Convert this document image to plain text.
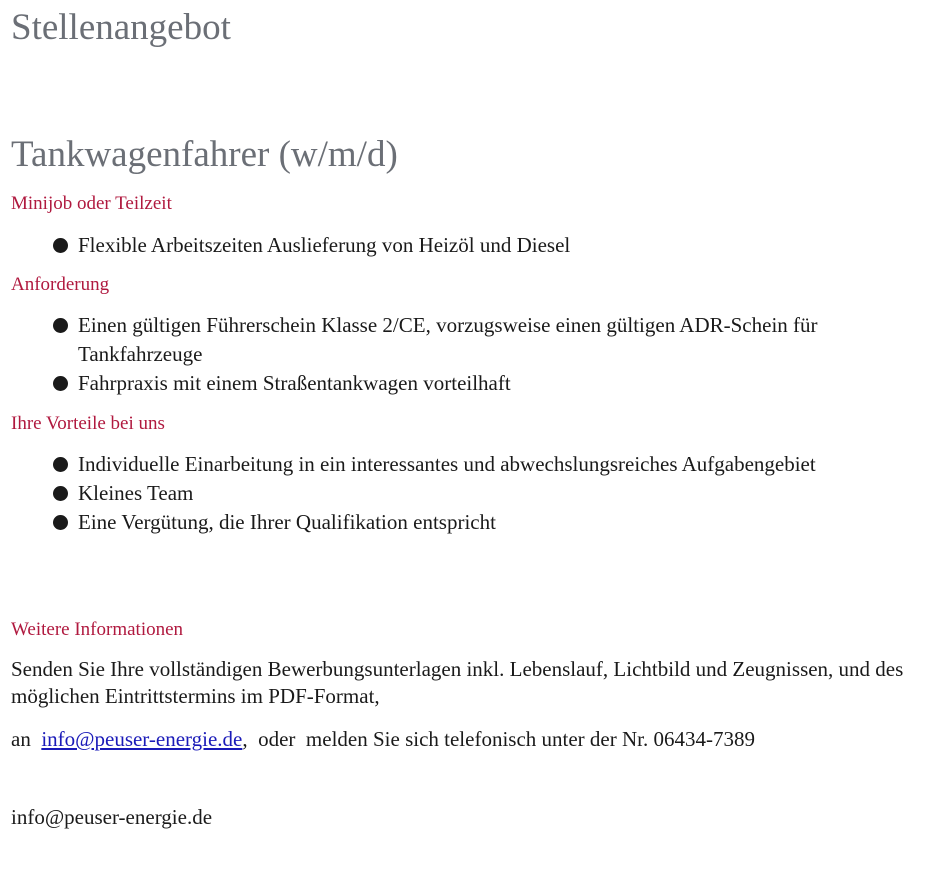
Stellenangebot
Tankwagenfahrer (w/m/d)
Minijob oder Teilzeit
Flexible Arbeitszeiten Auslieferung von Heizöl und Diesel
Anforderung
Einen gültigen Führerschein Klasse 2/CE, vorzugsweise einen gültigen ADR-Schein für Tankfahrzeuge
Fahrpraxis mit einem Straßentankwagen vorteilhaft
Ihre Vorteile bei uns
Individuelle Einarbeitung in ein interessantes und abwechslungsreiches Aufgabengebiet
Kleines Team
Eine Vergütung, die Ihrer Qualifikation entspricht
Weitere Informationen

Senden Sie Ihre vollständigen Bewerbungsunterlagen inkl. Lebenslauf, Lichtbild und Zeugnissen, und des möglichen Eintrittstermins im PDF-Format,

an info@peuser-energie.de,  oder  melden Sie sich telefonisch unter der Nr. 06434-7389

info@peuser-energie.de
